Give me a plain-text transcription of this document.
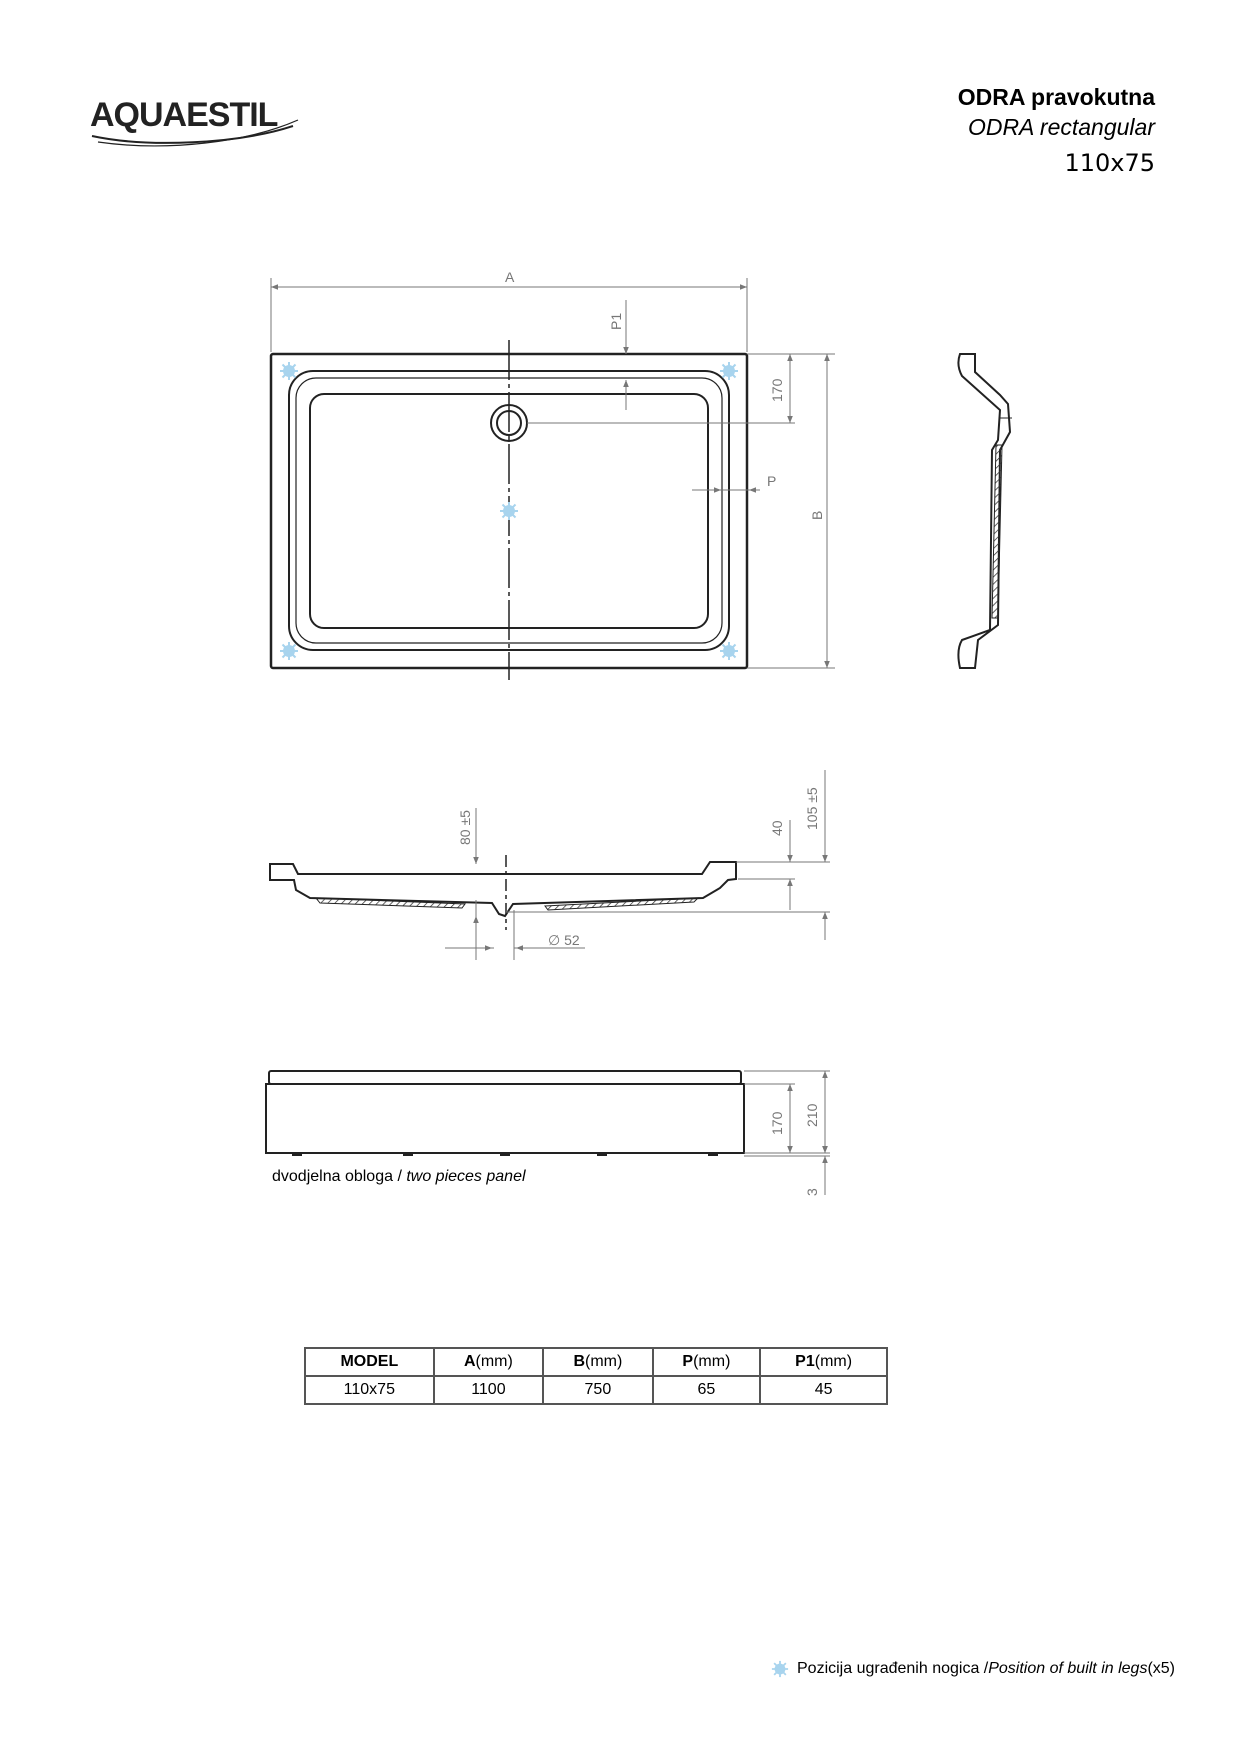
AQUAESTIL	ODRA pravokutna
ODRA rectangular
110x75
A
P1
170
P
B
80 ±5	40 105 ±5
∅ 52
170 210
3
dvodjelna obloga / two pieces panel
MODEL	A(mm)	B(mm)	P(mm)	P1(mm)
110x75	1100	750	65	45
Pozicija ugrađenih nogica / Position of built in legs (x5)
